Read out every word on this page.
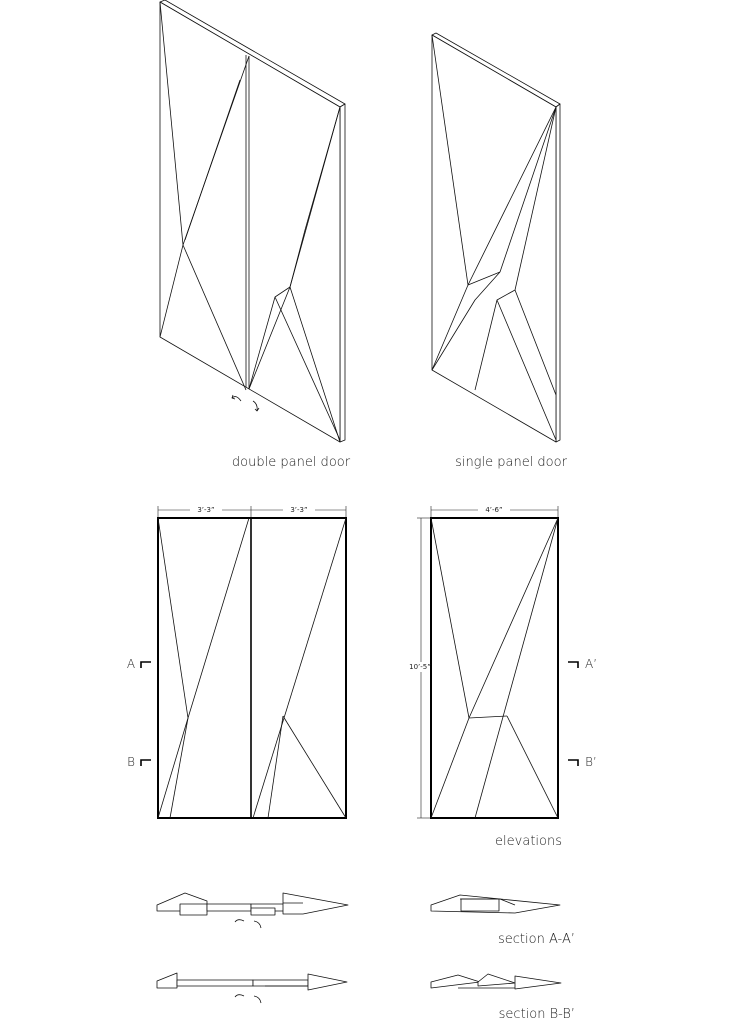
double panel door	single panel door
3’-3”	3’-3”
A
B
4’-6”
10’-5”	A’
B’
elevations
section A-A’
section B-B’
